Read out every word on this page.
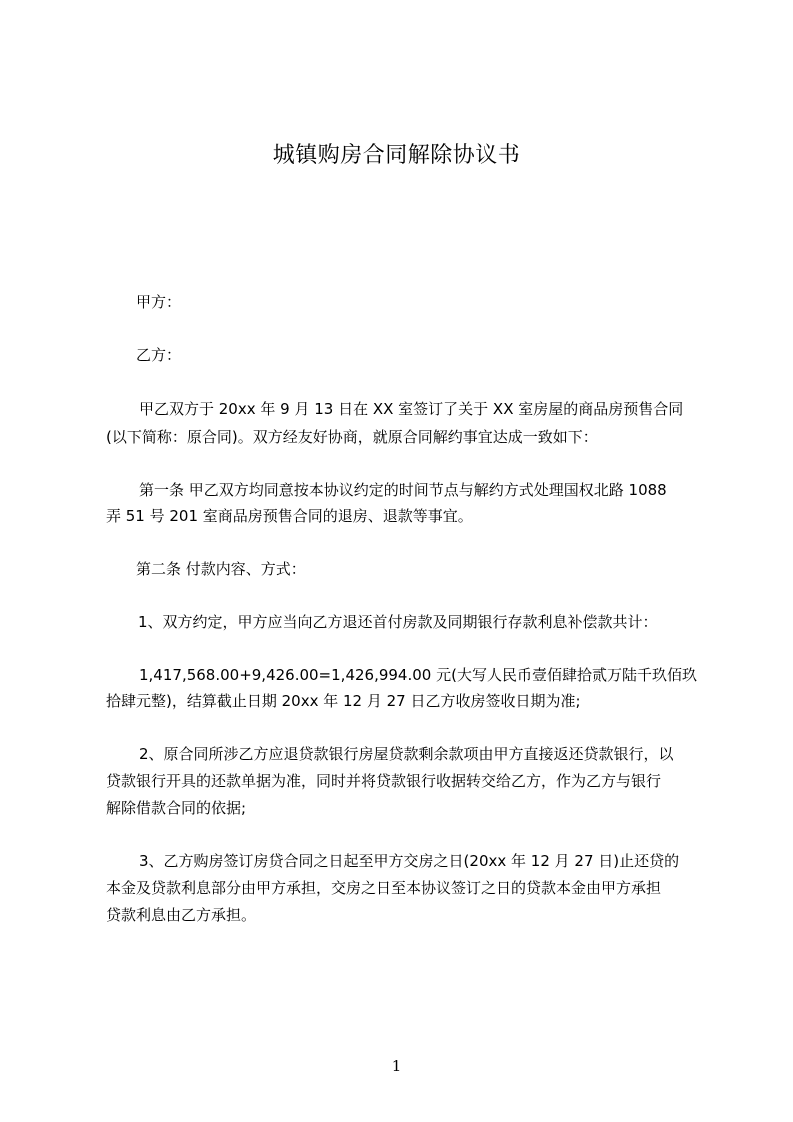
城镇购房合同解除协议书
甲方：
乙方：
甲乙双方于 20xx 年 9 月 13 日在 XX 室签订了关于 XX 室房屋的商品房预售合同
(以下简称：原合同)。双方经友好协商，就原合同解约事宜达成一致如下：
第一条 甲乙双方均同意按本协议约定的时间节点与解约方式处理国权北路 1088
弄 51 号 201 室商品房预售合同的退房、退款等事宜。
第二条 付款内容、方式：
1、双方约定，甲方应当向乙方退还首付房款及同期银行存款利息补偿款共计：
1,417,568.00+9,426.00=1,426,994.00 元(大写人民币壹佰肆拾贰万陆千玖佰玖
拾肆元整)，结算截止日期 20xx 年 12 月 27 日乙方收房签收日期为准;
2、原合同所涉乙方应退贷款银行房屋贷款剩余款项由甲方直接返还贷款银行，以
贷款银行开具的还款单据为准，同时并将贷款银行收据转交给乙方，作为乙方与银行
解除借款合同的依据;
3、乙方购房签订房贷合同之日起至甲方交房之日(20xx 年 12 月 27 日)止还贷的
本金及贷款利息部分由甲方承担，交房之日至本协议签订之日的贷款本金由甲方承担
贷款利息由乙方承担。
1
